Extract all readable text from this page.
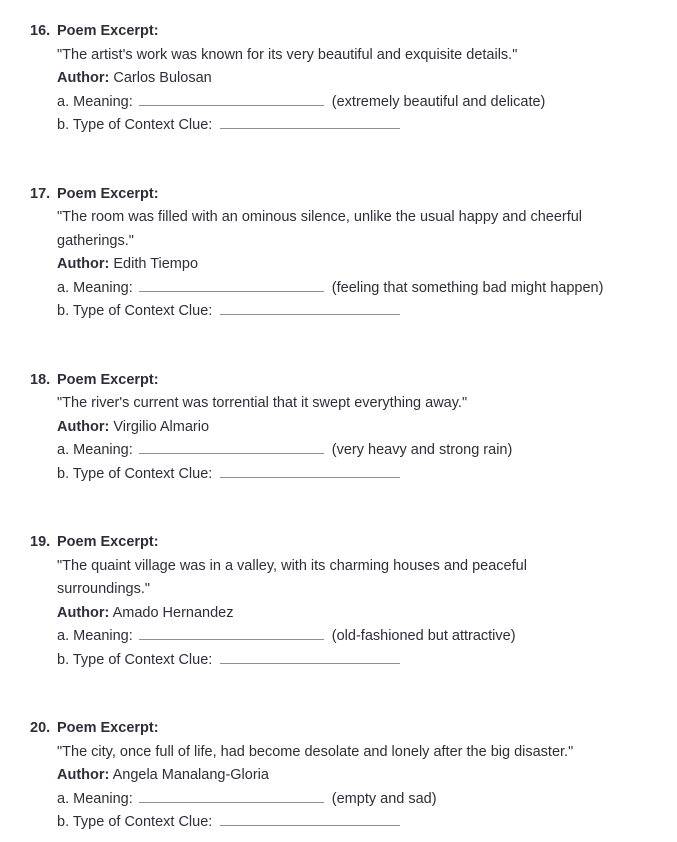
16. Poem Excerpt:
"The artist's work was known for its very beautiful and exquisite details."
Author: Carlos Bulosan
a. Meaning:	(extremely beautiful and delicate)
b. Type of Context Clue:
17. Poem Excerpt:
"The room was filled with an ominous silence, unlike the usual happy and cheerful
gatherings."
Author: Edith Tiempo
a. Meaning:	(feeling that something bad might happen)
b. Type of Context Clue:
18. Poem Excerpt:
"The river's current was torrential that it swept everything away."
Author: Virgilio Almario
a. Meaning:	(very heavy and strong rain)
b. Type of Context Clue:
19. Poem Excerpt:
"The quaint village was in a valley, with its charming houses and peaceful
surroundings."
Author: Amado Hernandez
a. Meaning:	(old-fashioned but attractive)
b. Type of Context Clue:
20. Poem Excerpt:
"The city, once full of life, had become desolate and lonely after the big disaster."
Author: Angela Manalang-Gloria
a. Meaning:	(empty and sad)
b. Type of Context Clue:
